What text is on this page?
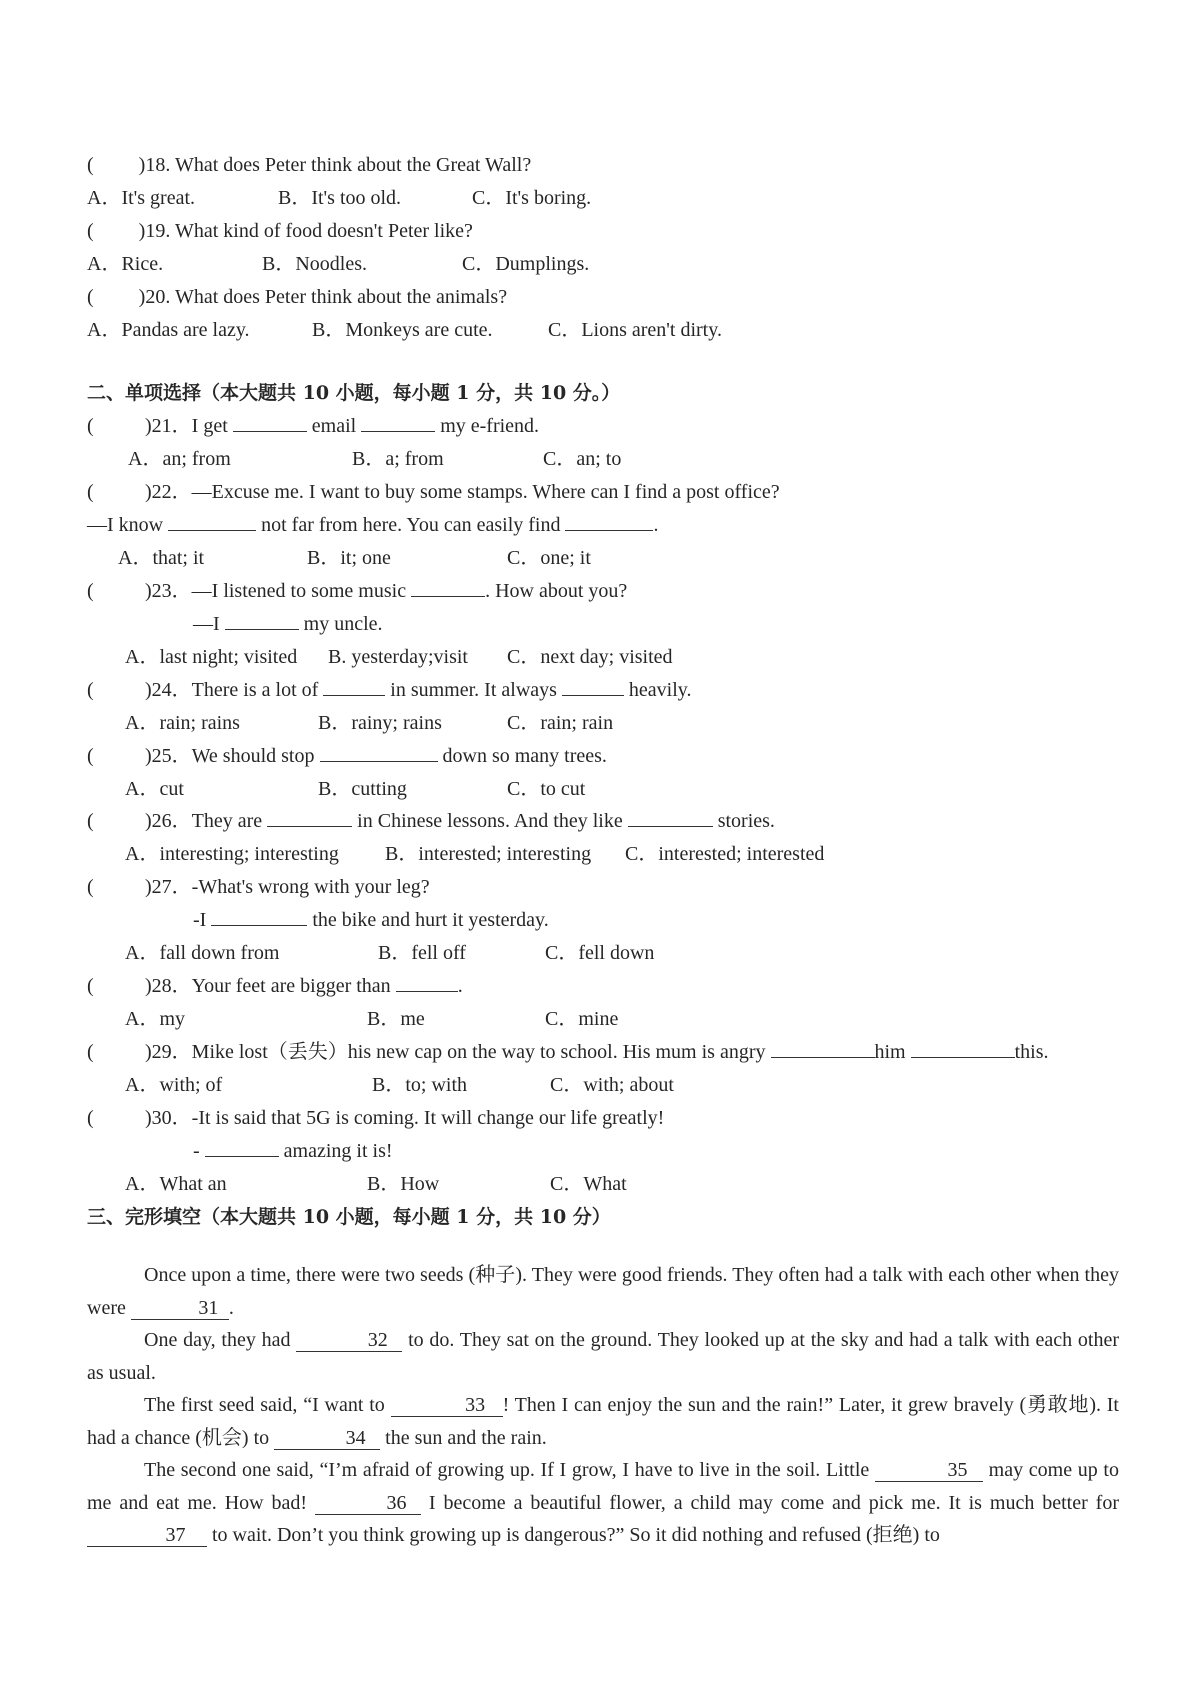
(　　 )18. What does Peter think about the Great Wall?
A．It's great.	B．It's too old.	C．It's boring.
(　　 )19. What kind of food doesn't Peter like?
A．Rice.	B．Noodles.	C．Dumplings.
(　　 )20. What does Peter think about the animals?
A．Pandas are lazy.	B．Monkeys are cute.	C．Lions aren't dirty.
二、单项选择（本大题共 10 小题，每小题 1 分，共 10 分。）
(	)21．I get	email	my e-friend.
A．an; from	B．a; from	C．an; to
(	)22．—Excuse me. I want to buy some stamps. Where can I find a post office?
—I know	not far from here. You can easily find	.
A．that; it	B．it; one	C．one; it
(	)23．—I listened to some music	. How about you?
—I	my uncle.
A．last night; visited B. yesterday;visit C．next day; visited
(	)24．There is a lot of	in summer. It always	heavily.
A．rain; rains	B．rainy; rains	C．rain; rain
(	)25．We should stop	down so many trees.
A．cut	B．cutting	C．to cut
(	)26．They are	in Chinese lessons. And they like	stories.
A．interesting; interesting B．interested; interesting C．interested; interested
(	)27．-What's wrong with your leg?
-I	the bike and hurt it yesterday.
A．fall down from	B．fell off	C．fell down
(	)28．Your feet are bigger than	.
A．my	B．me	C．mine
(	)29．Mike lost（丢失）his new cap on the way to school. His mum is angry	him	this.
A．with; of	B．to; with	C．with; about
(	)30．-It is said that 5G is coming. It will change our life greatly!
-	amazing it is!
A．What an	B．How	C．What
三、完形填空（本大题共 10 小题，每小题 1 分，共 10 分）
Once upon a time, there were two seeds (种子). They were good friends. They often had a talk with each other when they were	31 .
One day, they had	32 to do. They sat on the ground. They looked up at the sky and had a talk with each other as usual.
The first seed said, “I want to	33 ! Then I can enjoy the sun and the rain!” Later, it grew bravely (勇敢地). It had a chance (机会) to	34 the sun and the rain.
The second one said, “I’m afraid of growing up. If I grow, I have to live in the soil. Little	35 may come up to me and eat me. How bad!	36 I become a beautiful flower, a child may come and pick me. It is much better for 37 to wait. Don’t you think growing up is dangerous?” So it did nothing and refused (拒绝) to
